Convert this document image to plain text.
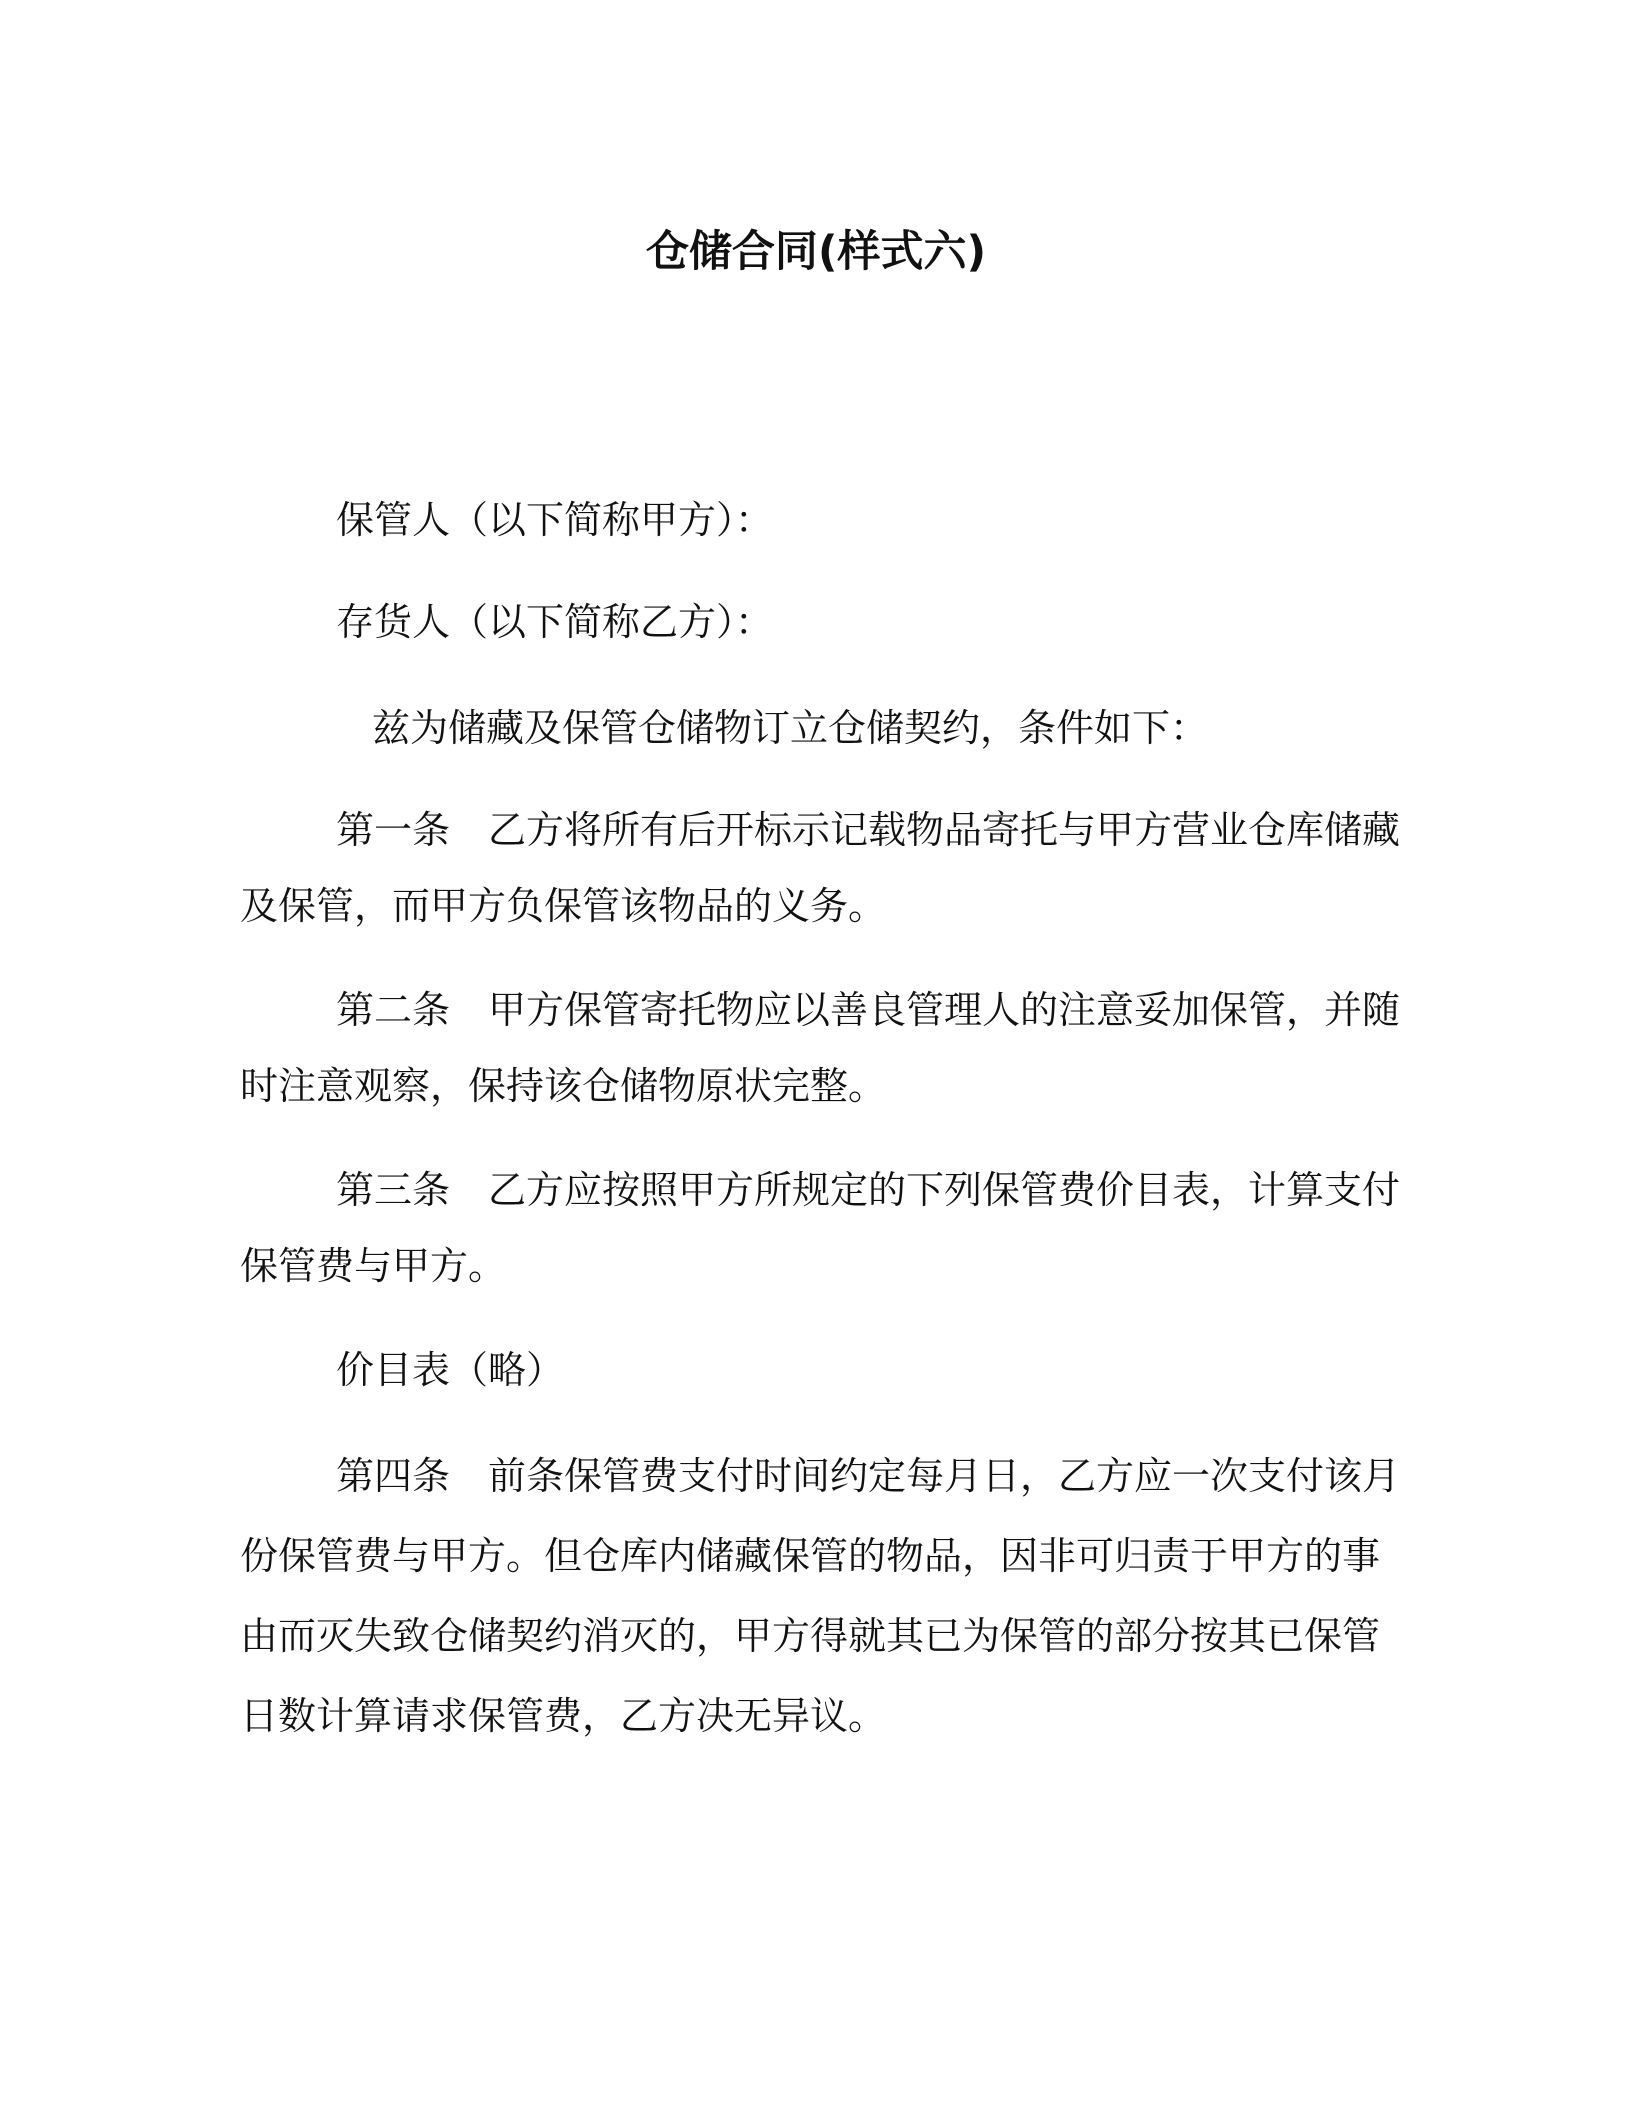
仓储合同(样式六)
保管人（以下简称甲方）：
存货人（以下简称乙方）：
兹为储藏及保管仓储物订立仓储契约，条件如下：
第一条 乙方将所有后开标示记载物品寄托与甲方营业仓库储藏
及保管，而甲方负保管该物品的义务。
第二条 甲方保管寄托物应以善良管理人的注意妥加保管，并随
时注意观察，保持该仓储物原状完整。
第三条 乙方应按照甲方所规定的下列保管费价目表，计算支付
保管费与甲方。
价目表（略）
第四条 前条保管费支付时间约定每月日，乙方应一次支付该月
份保管费与甲方。但仓库内储藏保管的物品，因非可归责于甲方的事
由而灭失致仓储契约消灭的，甲方得就其已为保管的部分按其已保管
日数计算请求保管费，乙方决无异议。
